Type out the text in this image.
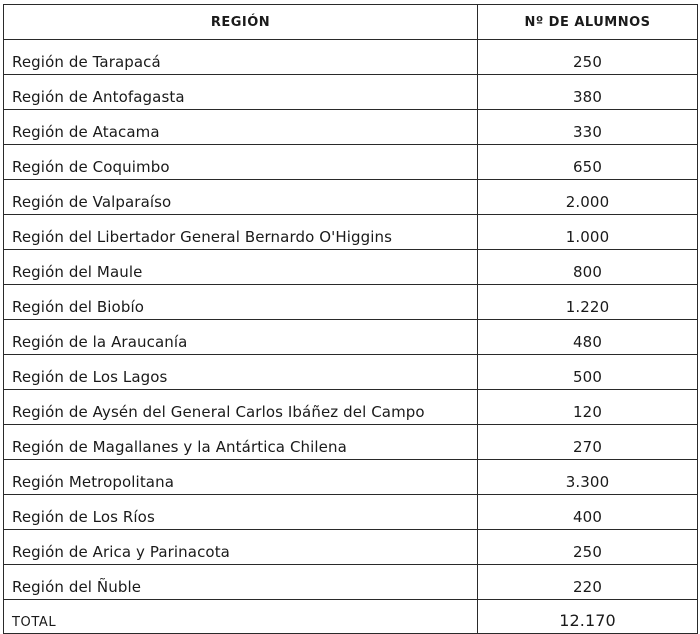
REGIÓN	Nº DE ALUMNOS
Región de Tarapacá	250
Región de Antofagasta	380
Región de Atacama	330
Región de Coquimbo	650
Región de Valparaíso	2.000
Región del Libertador General Bernardo O'Higgins	1.000
Región del Maule	800
Región del Biobío	1.220
Región de la Araucanía	480
Región de Los Lagos	500
Región de Aysén del General Carlos Ibáñez del Campo	120
Región de Magallanes y la Antártica Chilena	270
Región Metropolitana	3.300
Región de Los Ríos	400
Región de Arica y Parinacota	250
Región del Ñuble	220
TOTAL	12.170
